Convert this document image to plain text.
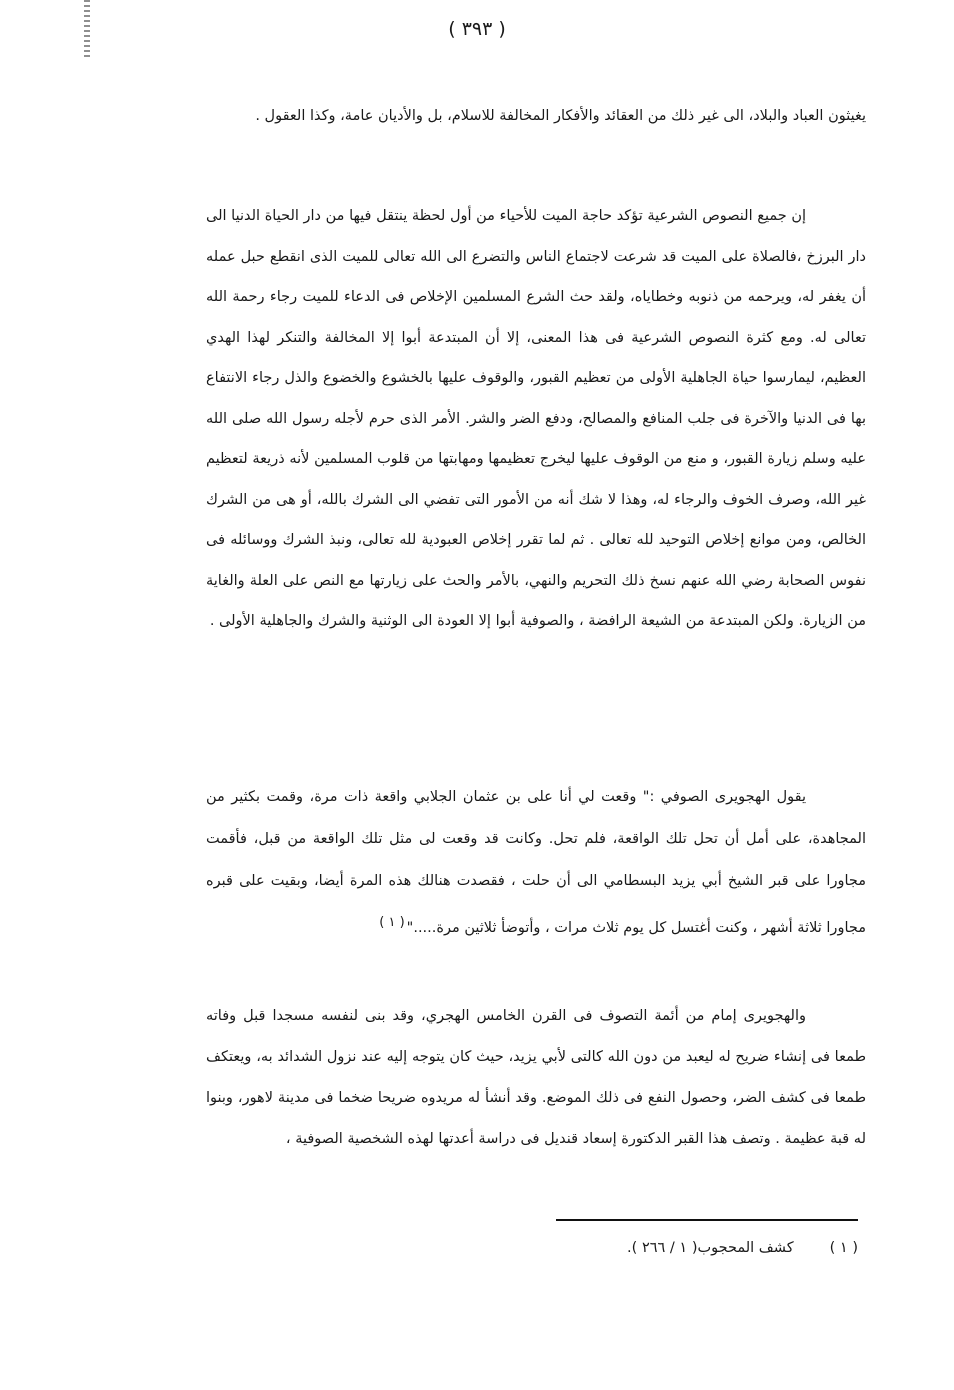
( ٣٩٣ )

يغيثون العباد والبلاد، الى غير ذلك من العقائد والأفكار المخالفة للاسلام، بل والأديان عامة، وكذا العقول .

إن جميع النصوص الشرعية تؤكد حاجة الميت للأحياء من أول لحظة ينتقل فيها من دار الحياة الدنيا الى دار البرزخ ،فالصلاة على الميت قد شرعت لاجتماع الناس والتضرع الى الله تعالى للميت الذى انقطع حبل عمله أن يغفر له، ويرحمه من ذنوبه وخطاياه، ولقد حث الشرع المسلمين الإخلاص فى الدعاء للميت رجاء رحمة الله تعالى له. ومع كثرة النصوص الشرعية فى هذا المعنى، إلا أن المبتدعة أبوا إلا المخالفة والتنكر لهذا الهدي العظيم، ليمارسوا حياة الجاهلية الأولى من تعظيم القبور، والوقوف عليها بالخشوع والخضوع والذل رجاء الانتفاع بها فى الدنيا والآخرة فى جلب المنافع والمصالح، ودفع الضر والشر. الأمر الذى حرم لأجله رسول الله صلى الله عليه وسلم زيارة القبور، و منع من الوقوف عليها ليخرج تعظيمها ومهابتها من قلوب المسلمين لأنه ذريعة لتعظيم غير الله، وصرف الخوف والرجاء له، وهذا لا شك أنه من الأمور التى تفضي الى الشرك بالله، أو هى من الشرك الخالص، ومن موانع إخلاص التوحيد لله تعالى . ثم لما تقرر إخلاص العبودية لله تعالى، ونبذ الشرك ووسائله فى نفوس الصحابة رضي الله عنهم نسخ ذلك التحريم والنهي، بالأمر والحث على زيارتها مع النص على العلة والغاية من الزيارة. ولكن المبتدعة من الشيعة الرافضة ، والصوفية أبوا إلا العودة الى الوثنية والشرك والجاهلية الأولى .

يقول الهجويرى الصوفي :" وقعت لي أنا على بن عثمان الجلابي واقعة ذات مرة، وقمت بكثير من المجاهدة، على أمل أن تحل تلك الواقعة، فلم تحل. وكانت قد وقعت لى مثل تلك الواقعة من قبل، فأقمت مجاورا على قبر الشيخ أبي يزيد البسطامي الى أن حلت ، فقصدت هنالك هذه المرة أيضا، وبقيت على قبره مجاورا ثلاثة أشهر ، وكنت أغتسل كل يوم ثلاث مرات ، وأتوضأ ثلاثين مرة....."( ١ )

والهجويرى إمام من أئمة التصوف فى القرن الخامس الهجري، وقد بنى لنفسه مسجدا قبل وفاته طمعا فى إنشاء ضريح له ليعبد من دون الله كالتى لأبي يزيد، حيث كان يتوجه إليه عند نزول الشدائد به، ويعتكف طمعا فى كشف الضر، وحصول النفع فى ذلك الموضع. وقد أنشأ له مريدوه ضريحا ضخما فى مدينة لاهور، وبنوا له قبة عظيمة . وتصف هذا القبر الدكتورة إسعاد قنديل فى دراسة أعدتها لهذه الشخصية الصوفية ،

( ١ )كشف المحجوب( ١ / ٢٦٦ ).
